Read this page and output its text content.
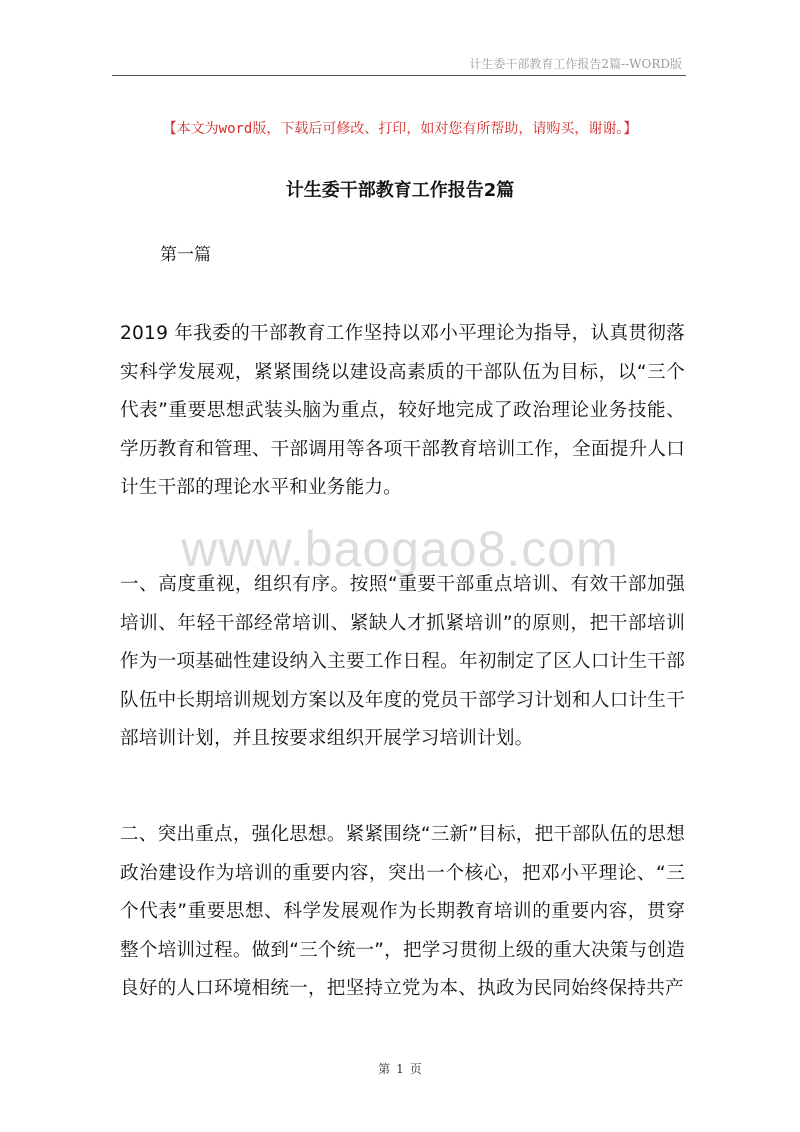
计生委干部教育工作报告2篇--WORD版
【本文为word版，下载后可修改、打印，如对您有所帮助，请购买，谢谢。】
计生委干部教育工作报告2篇
第一篇
www.baogao8.com

2019 年我委的干部教育工作坚持以邓小平理论为指导，认真贯彻落实科学发展观，紧紧围绕以建设高素质的干部队伍为目标，以“三个代表”重要思想武装头脑为重点，较好地完成了政治理论业务技能、学历教育和管理、干部调用等各项干部教育培训工作，全面提升人口计生干部的理论水平和业务能力。

一、高度重视，组织有序。按照“重要干部重点培训、有效干部加强培训、年轻干部经常培训、紧缺人才抓紧培训”的原则，把干部培训作为一项基础性建设纳入主要工作日程。年初制定了区人口计生干部队伍中长期培训规划方案以及年度的党员干部学习计划和人口计生干部培训计划，并且按要求组织开展学习培训计划。

二、突出重点，强化思想。紧紧围绕“三新”目标，把干部队伍的思想政治建设作为培训的重要内容，突出一个核心，把邓小平理论、“三个代表”重要思想、科学发展观作为长期教育培训的重要内容，贯穿整个培训过程。做到“三个统一”，把学习贯彻上级的重大决策与创造良好的人口环境相统一，把坚持立党为本、执政为民同始终保持共产

第 1 页
